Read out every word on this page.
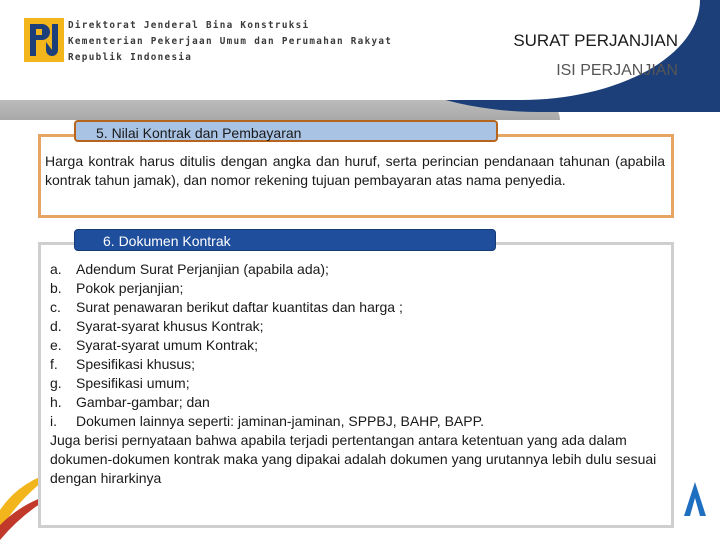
Direktorat Jenderal Bina Konstruksi
Kementerian Pekerjaan Umum dan Perumahan Rakyat
Republik Indonesia
SURAT PERJANJIAN
ISI PERJANJIAN
5. Nilai Kontrak dan Pembayaran
Harga kontrak harus ditulis dengan angka dan huruf, serta perincian pendanaan tahunan (apabila kontrak tahun jamak), dan nomor rekening tujuan pembayaran atas nama penyedia.
6. Dokumen Kontrak
a.	Adendum Surat Perjanjian (apabila ada);
b.	Pokok perjanjian;
c.	Surat penawaran berikut daftar kuantitas dan harga ;
d.	Syarat-syarat khusus Kontrak;
e.	Syarat-syarat umum Kontrak;
f.	Spesifikasi khusus;
g.	Spesifikasi umum;
h.	Gambar-gambar; dan
i.	Dokumen lainnya seperti: jaminan-jaminan, SPPBJ, BAHP, BAPP.
Juga berisi pernyataan bahwa apabila terjadi pertentangan antara ketentuan yang ada dalam dokumen-dokumen kontrak maka yang dipakai adalah dokumen yang urutannya lebih dulu sesuai dengan hirarkinya
